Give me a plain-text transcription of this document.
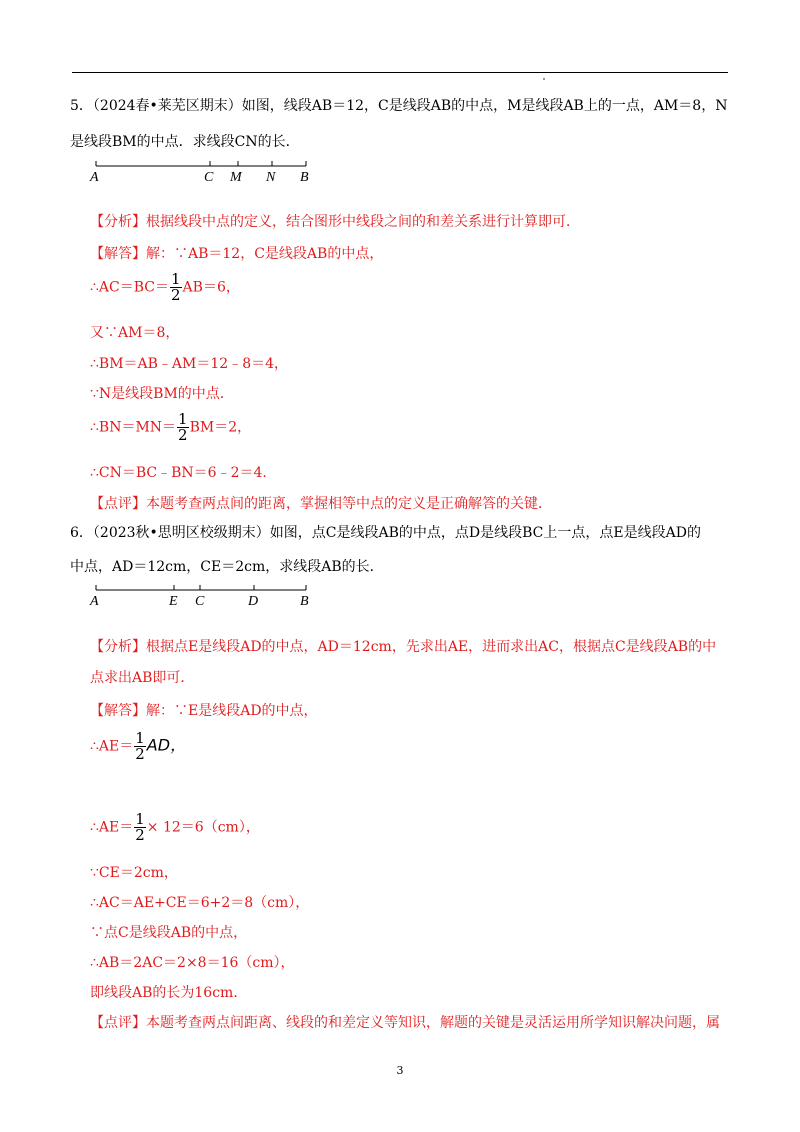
5．（2024春•莱芜区期末）如图，线段AB＝12，C是线段AB的中点，M是线段AB上的一点，AM＝8，N
是线段BM的中点．求线段CN的长．
A	C M N B
【分析】根据线段中点的定义，结合图形中线段之间的和差关系进行计算即可．
【解答】解：∵AB＝12，C是线段AB的中点，
∴AC＝BC＝ $\frac{1}{2} AB=6$，
又∵AM＝8，
∴BM＝AB﹣AM＝12﹣8＝4，
∵N是线段BM的中点．
∴BN＝MN＝ $\frac{1}{2} BM=2$，
∴CN＝BC﹣BN＝6﹣2＝4．
【点评】本题考查两点间的距离，掌握相等中点的定义是正确解答的关键．
6．（2023秋•思明区校级期末）如图，点C是线段AB的中点，点D是线段BC上一点，点E是线段AD的
中点，AD＝12cm，CE＝2cm，求线段AB的长．
A	E C	D	B
【分析】根据点E是线段AD的中点，AD＝12cm，先求出AE，进而求出AC，根据点C是线段AB的中
点求出AB即可．
【解答】解：∵E是线段AD的中点，
∴AE＝ $\frac{1}{2}$ AD，
∴AE＝ $\frac{1}{2} \times 12=6(cm)$，
∵CE＝2cm，
∴AC＝AE+CE＝6+2＝8（cm），
∵点C是线段AB的中点，
∴AB＝2AC＝2×8＝16（cm），
即线段AB的长为16cm．
【点评】本题考查两点间距离、线段的和差定义等知识，解题的关键是灵活运用所学知识解决问题，属
3
